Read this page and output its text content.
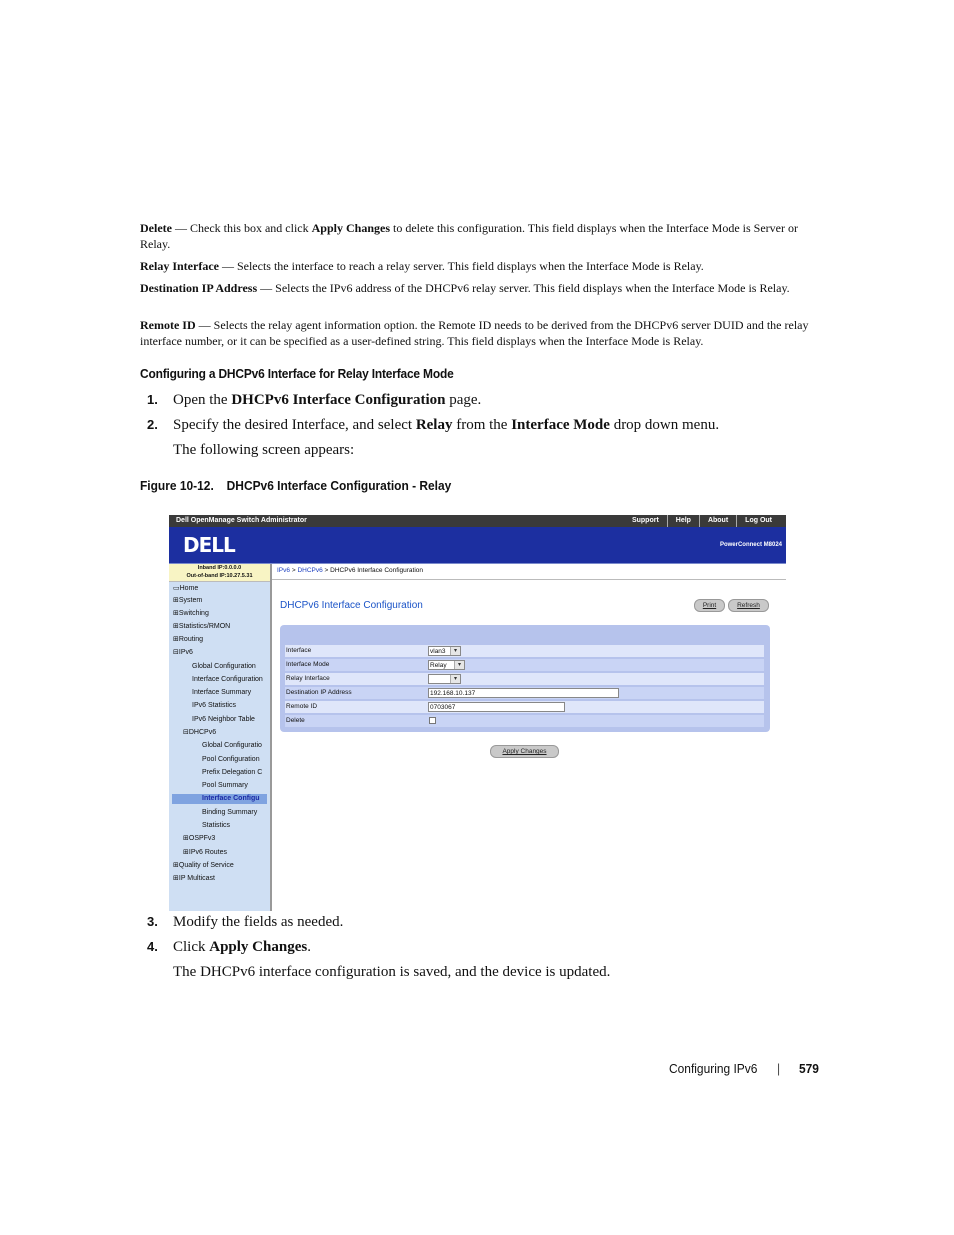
Delete — Check this box and click Apply Changes to delete this configuration. This field displays when the Interface Mode is Server or Relay.

Relay Interface — Selects the interface to reach a relay server. This field displays when the Interface Mode is Relay.

Destination IP Address — Selects the IPv6 address of the DHCPv6 relay server. This field displays when the Interface Mode is Relay.

Remote ID — Selects the relay agent information option. the Remote ID needs to be derived from the DHCPv6 server DUID and the relay interface number, or it can be specified as a user-defined string. This field displays when the Interface Mode is Relay.

Configuring a DHCPv6 Interface for Relay Interface Mode
1. Open the DHCPv6 Interface Configuration page.
2. Specify the desired Interface, and select Relay from the Interface Mode drop down menu.
The following screen appears:
Figure 10-12. DHCPv6 Interface Configuration - Relay
Dell OpenManage Switch Administrator	Support	Help	About	Log Out
DELL	PowerConnect M8024
Inband IP:0.0.0.0
Out-of-band IP:10.27.5.31
▭Home
⊞System
⊞Switching
⊞Statistics/RMON
⊞Routing
⊟IPv6
Global Configuration
Interface Configuration
Interface Summary
IPv6 Statistics
IPv6 Neighbor Table
⊟DHCPv6
Global Configuratio
Pool Configuration
Prefix Delegation C
Pool Summary
Interface Configu
Binding Summary
Statistics
⊞OSPFv3
⊞IPv6 Routes
⊞Quality of Service
⊞IP Multicast
IPv6 > DHCPv6 > DHCPv6 Interface Configuration
DHCPv6 Interface Configuration	Print	Refresh
Interface	vlan3	▾
Interface Mode	Relay	▾
Relay Interface	▾
Destination IP Address	192.168.10.137
Remote ID	0703067
Delete
Apply Changes
3. Modify the fields as needed.
4. Click Apply Changes.
The DHCPv6 interface configuration is saved, and the device is updated.
Configuring IPv6 | 579
